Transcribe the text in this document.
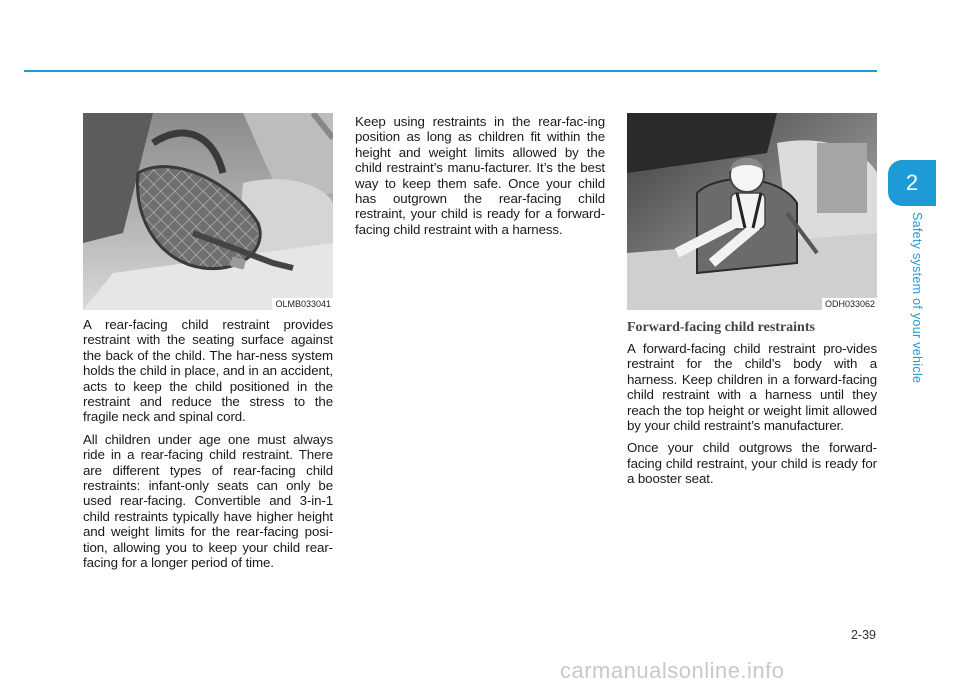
OLMB033041

A rear-facing child restraint provides restraint with the seating surface against the back of the child. The har-ness system holds the child in place, and in an accident, acts to keep the child positioned in the restraint and reduce the stress to the fragile neck and spinal cord.

All children under age one must always ride in a rear-facing child restraint. There are different types of rear-facing child restraints: infant-only seats can only be used rear-facing. Convertible and 3-in-1 child restraints typically have higher height and weight limits for the rear-facing posi-tion, allowing you to keep your child rear-facing for a longer period of time.

Keep using restraints in the rear-fac-ing position as long as children fit within the height and weight limits allowed by the child restraint’s manu-facturer. It’s the best way to keep them safe. Once your child has outgrown the rear-facing child restraint, your child is ready for a forward-facing child restraint with a harness.

ODH033062
Forward-facing child restraints

A forward-facing child restraint pro-vides restraint for the child’s body with a harness. Keep children in a forward-facing child restraint with a harness until they reach the top height or weight limit allowed by your child restraint’s manufacturer.

Once your child outgrows the forward-facing child restraint, your child is ready for a booster seat.

2
Safety system of your vehicle
2-39
carmanualsonline.info
